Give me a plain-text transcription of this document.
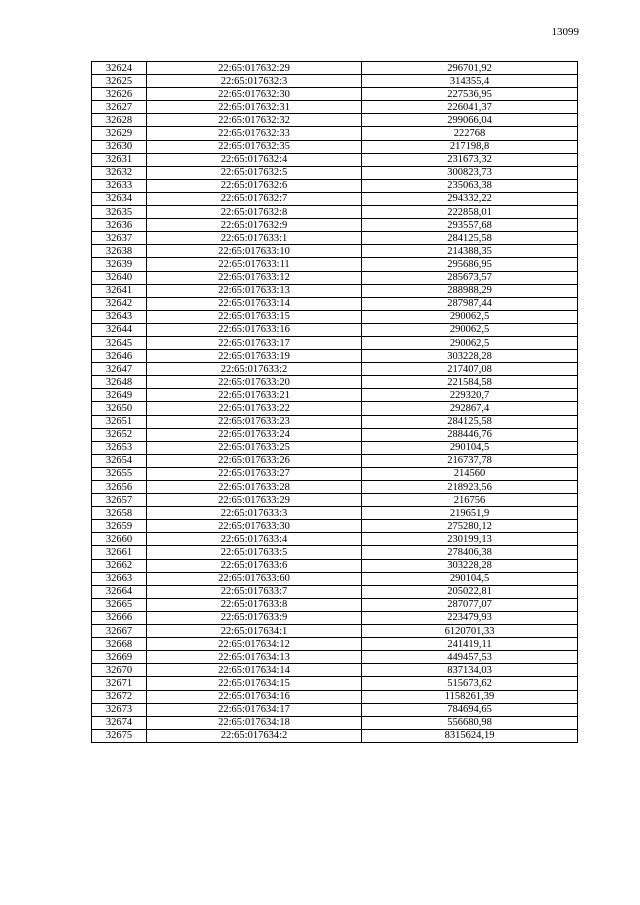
13099
32624	22:65:017632:29	296701,92
32625	22:65:017632:3	314355,4
32626	22:65:017632:30	227536,95
32627	22:65:017632:31	226041,37
32628	22:65:017632:32	299066,04
32629	22:65:017632:33	222768
32630	22:65:017632:35	217198,8
32631	22:65:017632:4	231673,32
32632	22:65:017632:5	300823,73
32633	22:65:017632:6	235063,38
32634	22:65:017632:7	294332,22
32635	22:65:017632:8	222858,01
32636	22:65:017632:9	293557,68
32637	22:65:017633:1	284125,58
32638	22:65:017633:10	214388,35
32639	22:65:017633:11	295686,95
32640	22:65:017633:12	285673,57
32641	22:65:017633:13	288988,29
32642	22:65:017633:14	287987,44
32643	22:65:017633:15	290062,5
32644	22:65:017633:16	290062,5
32645	22:65:017633:17	290062,5
32646	22:65:017633:19	303228,28
32647	22:65:017633:2	217407,08
32648	22:65:017633:20	221584,58
32649	22:65:017633:21	229320,7
32650	22:65:017633:22	292867,4
32651	22:65:017633:23	284125,58
32652	22:65:017633:24	288446,76
32653	22:65:017633:25	290104,5
32654	22:65:017633:26	216737,78
32655	22:65:017633:27	214560
32656	22:65:017633:28	218923,56
32657	22:65:017633:29	216756
32658	22:65:017633:3	219651,9
32659	22:65:017633:30	275280,12
32660	22:65:017633:4	230199,13
32661	22:65:017633:5	278406,38
32662	22:65:017633:6	303228,28
32663	22:65:017633:60	290104,5
32664	22:65:017633:7	205022,81
32665	22:65:017633:8	287077,07
32666	22:65:017633:9	223479,93
32667	22:65:017634:1	6120701,33
32668	22:65:017634:12	241419,11
32669	22:65:017634:13	449457,53
32670	22:65:017634:14	837134,03
32671	22:65:017634:15	515673,62
32672	22:65:017634:16	1158261,39
32673	22:65:017634:17	784694,65
32674	22:65:017634:18	556680,98
32675	22:65:017634:2	8315624,19
